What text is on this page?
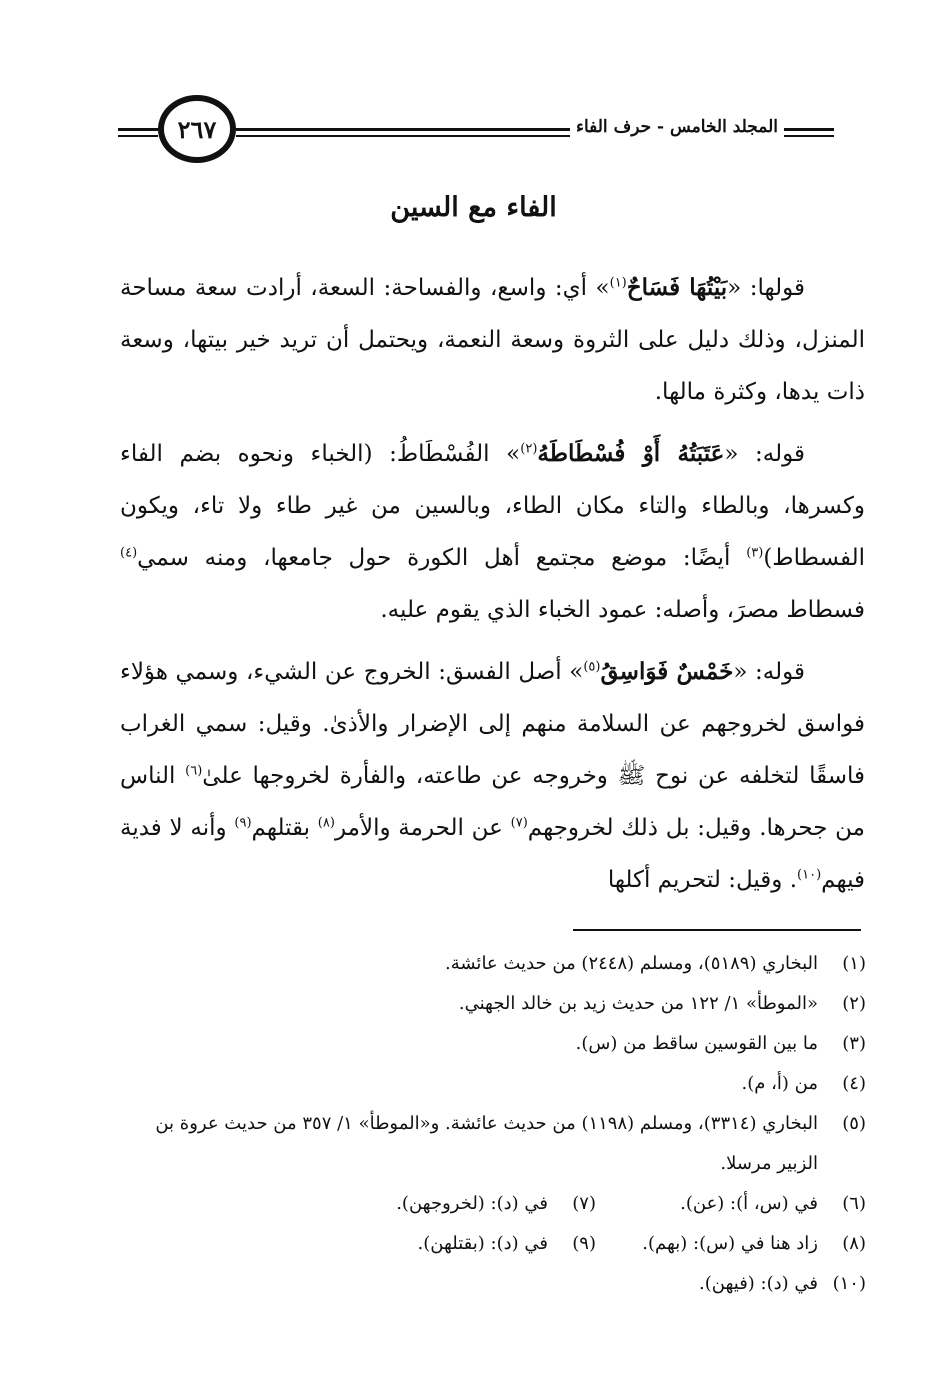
٢٦٧	المجلد الخامس - حرف الفاء
الفاء مع السين

قولها: «بَيْتُهَا فَسَاحٌ$^{(١)}$» أي: واسع، والفساحة: السعة، أرادت سعة مساحة المنزل، وذلك دليل على الثروة وسعة النعمة، ويحتمل أن تريد خير بيتها، وسعة ذات يدها، وكثرة مالها.

قوله: «عَتَبَتُهُ أَوْ فُسْطَاطَهُ$^{(٢)}$» الفُسْطَاطُ: (الخباء ونحوه بضم الفاء وكسرها، وبالطاء والتاء مكان الطاء، وبالسين من غير طاء ولا تاء، ويكون الفسطاط)$^{(٣)}$ أيضًا: موضع مجتمع أهل الكورة حول جامعها، ومنه سمي$^{(٤)}$ فسطاط مصرَ، وأصله: عمود الخباء الذي يقوم عليه.

قوله: «خَمْسٌ فَوَاسِقُ$^{(٥)}$» أصل الفسق: الخروج عن الشيء، وسمي هؤلاء فواسق لخروجهم عن السلامة منهم إلى الإضرار والأذىٰ. وقيل: سمي الغراب فاسقًا لتخلفه عن نوح ﷺ وخروجه عن طاعته، والفأرة لخروجها علىٰ$^{(٦)}$ الناس من جحرها. وقيل: بل ذلك لخروجهم$^{(٧)}$ عن الحرمة والأمر$^{(٨)}$ بقتلهم$^{(٩)}$ وأنه لا فدية فيهم$^{(١٠)}$. وقيل: لتحريم أكلها

(١)
البخاري (٥١٨٩)، ومسلم (٢٤٤٨) من حديث عائشة.
(٢)
«الموطأ» ١/ ١٢٢ من حديث زيد بن خالد الجهني.
(٣)
ما بين القوسين ساقط من (س).
(٤)
من (أ، م).
(٥)
البخاري (٣٣١٤)، ومسلم (١١٩٨) من حديث عائشة. و«الموطأ» ١/ ٣٥٧ من حديث عروة بن الزبير مرسلا.
(٦)
في (س، أ): (عن).
(٧)
في (د): (لخروجهن).
(٨)
زاد هنا في (س): (بهم).
(٩)
في (د): (بقتلهن).
(١٠)
في (د): (فيهن).
